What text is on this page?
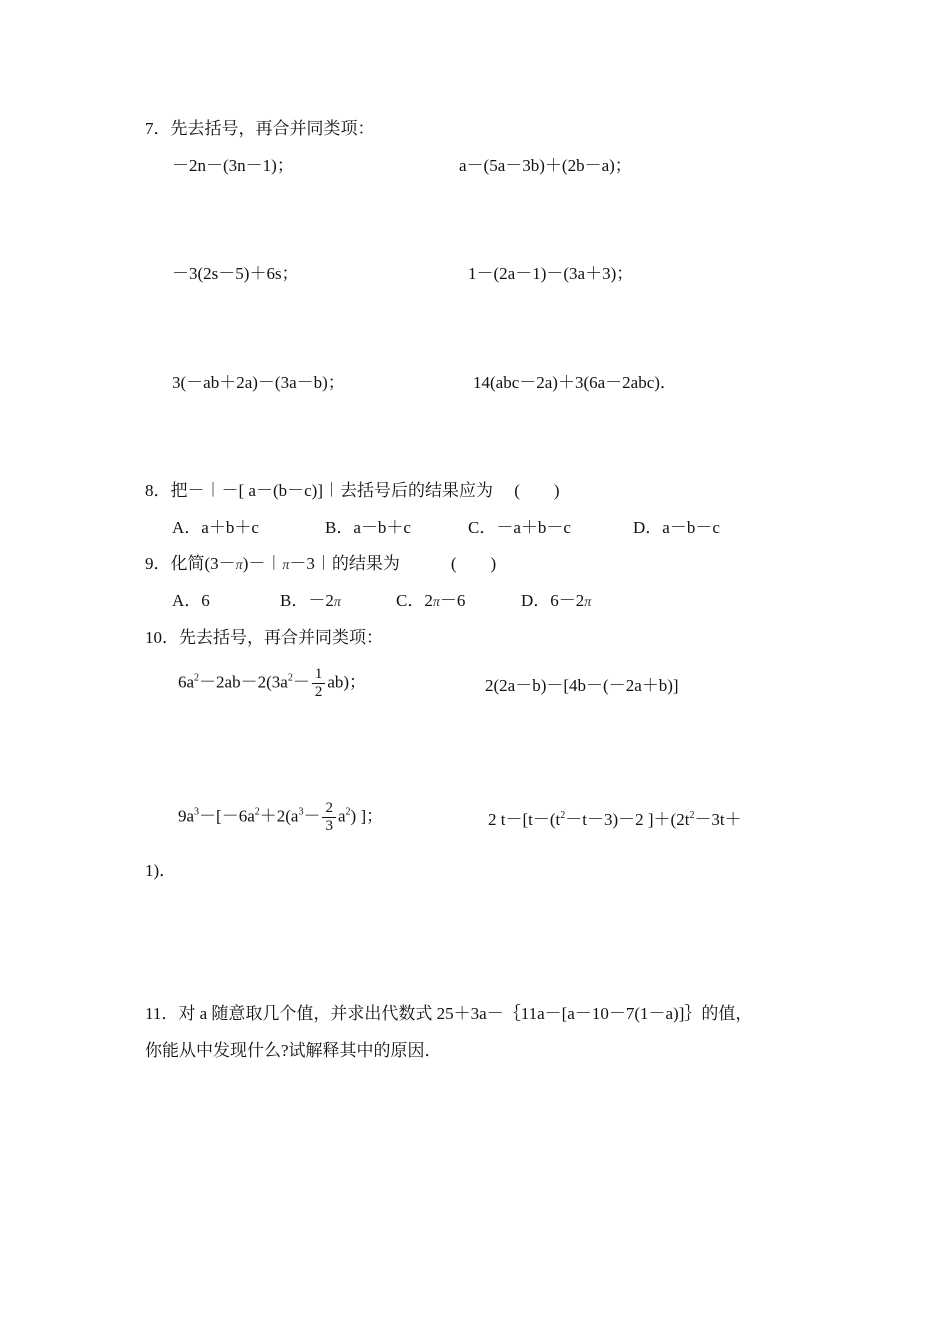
7．先去括号，再合并同类项：
－2n－(3n－1)；	a－(5a－3b)＋(2b－a)；
－3(2s－5)＋6s；	1－(2a－1)－(3a＋3)；
3(－ab＋2a)－(3a－b)；	14(abc－2a)＋3(6a－2abc)．
8．把－︱－[ a－(b－c)]︱去括号后的结果应为　 (　　)
A．a＋b＋c	B．a－b＋c	C．－a＋b－c	D．a－b－c
9．化简(3－π)－︱π－3︱的结果为　　　(　　)
A．6	B．－2π	C．2π－6	D．6－2π
10．先去括号，再合并同类项：
$6a^2-2ab-2(3a^2- \frac{1}{2} ab)$；	2(2a－b)－[4b－(－2a＋b)]
$9a^3-[-6a^2+2(a^3- \frac{2}{3} a^2)$ ]；	2 $t-[t-(t^2-t-3)-2$ ]$+(2t^2-3t+$
1)．
11．对 a 随意取几个值，并求出代数式 25＋3a－｛11a－[a－10－7(1－a)]｝的值，
你能从中发现什么?试解释其中的原因．
